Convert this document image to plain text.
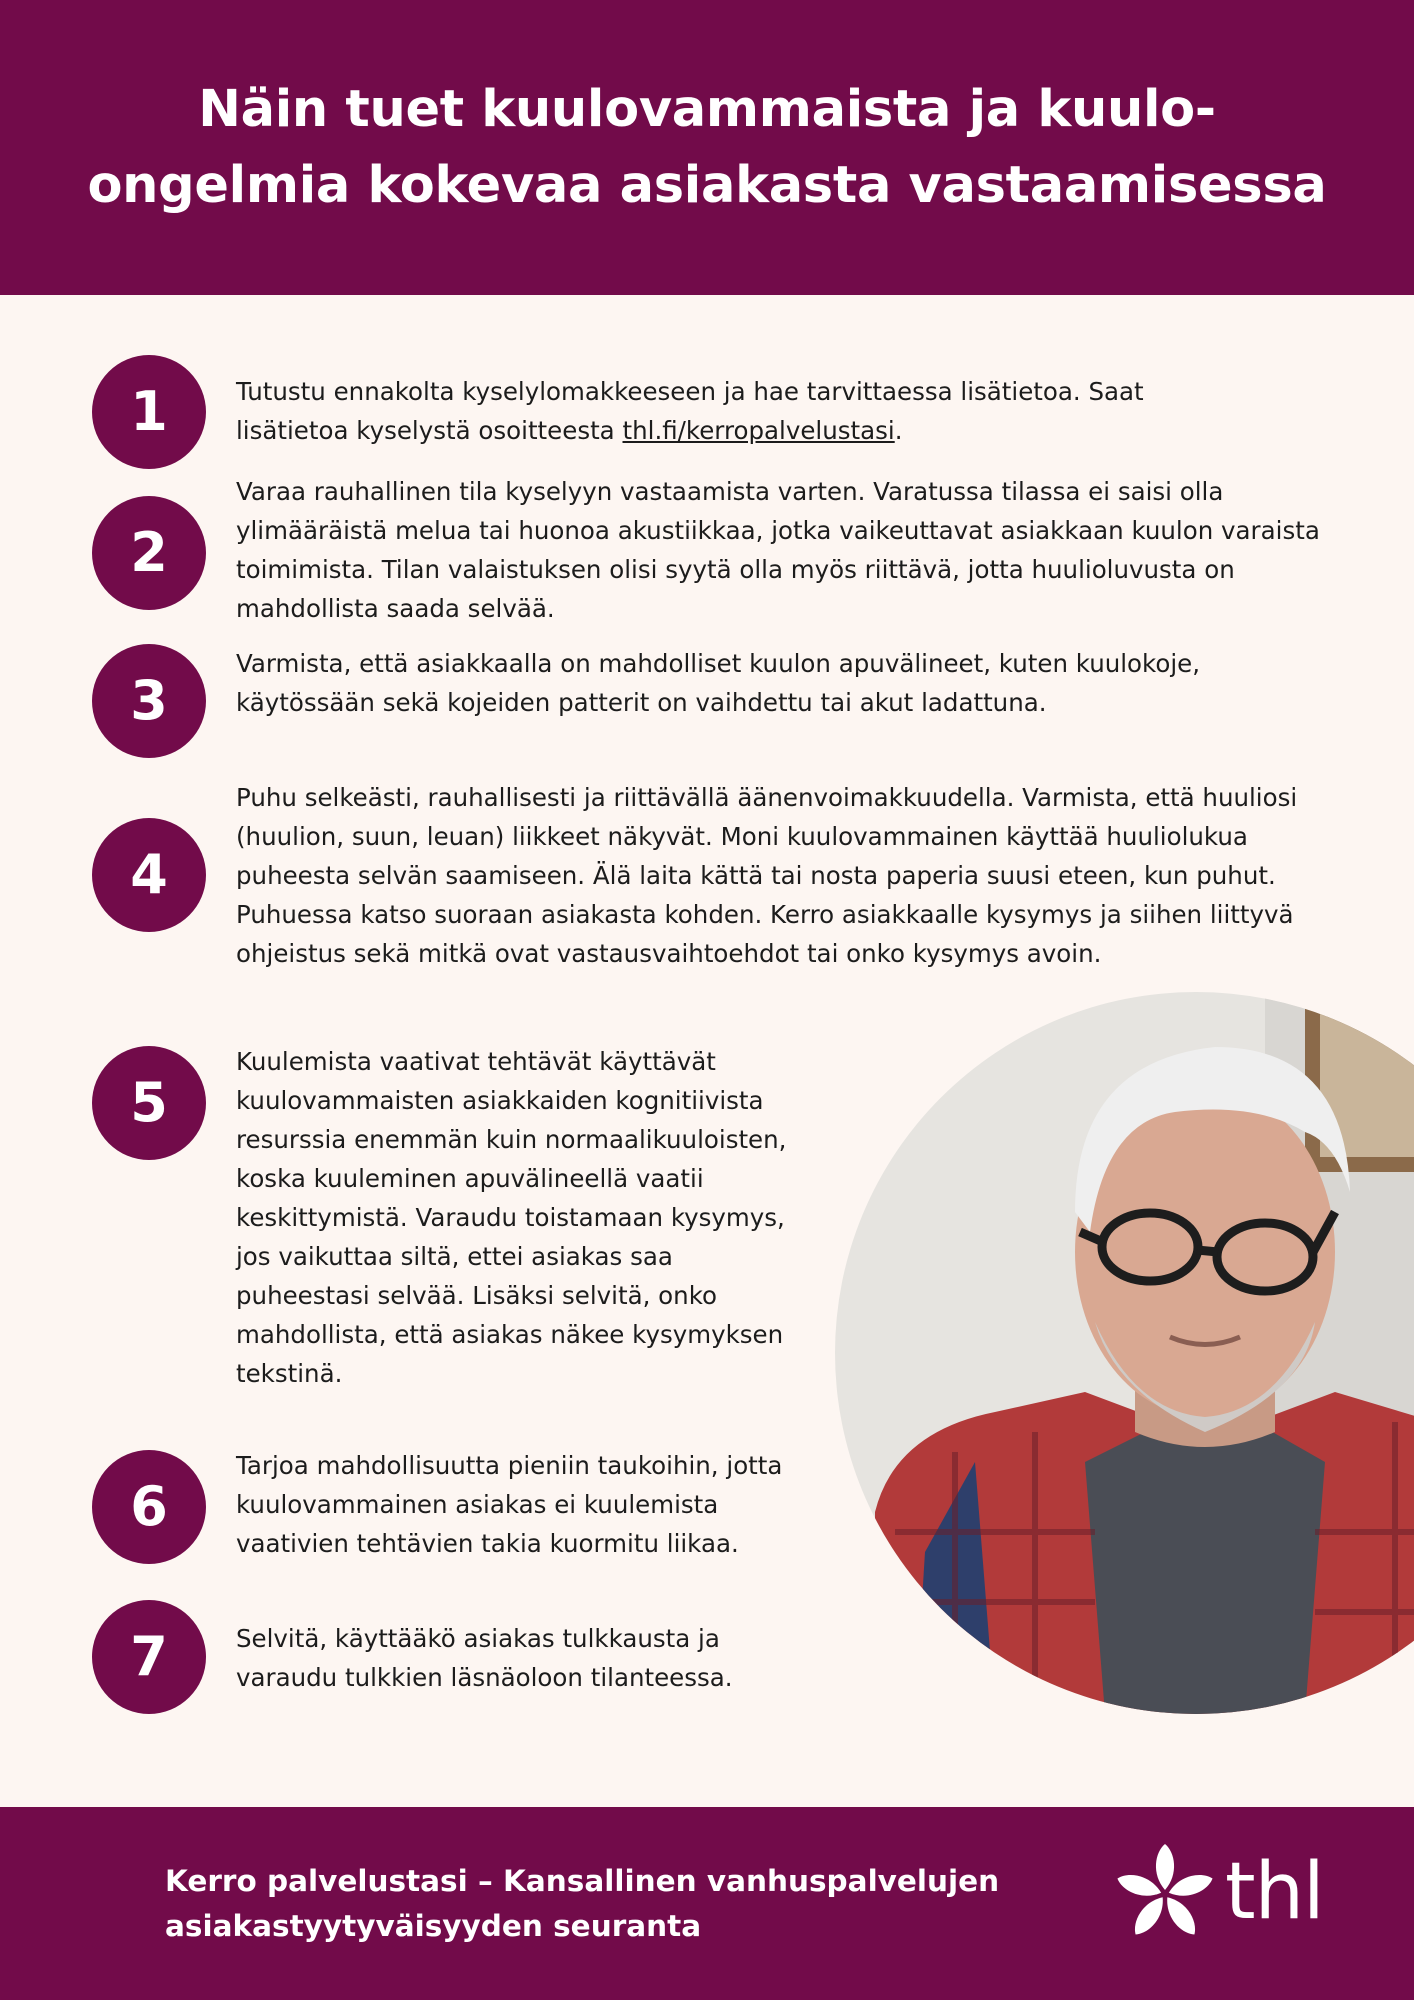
Näin tuet kuulovammaista ja kuulo-ongelmia kokevaa asiakasta vastaamisessa
1	Tutustu ennakolta kyselylomakkeeseen ja hae tarvittaessa lisätietoa. Saat lisätietoa kyselystä osoitteesta thl.fi/kerropalvelustasi.
2
Varaa rauhallinen tila kyselyyn vastaamista varten. Varatussa tilassa ei saisi olla ylimääräistä melua tai huonoa akustiikkaa, jotka vaikeuttavat asiakkaan kuulon varaista toimimista. Tilan valaistuksen olisi syytä olla myös riittävä, jotta huulioluvusta on mahdollista saada selvää.
3
Varmista, että asiakkaalla on mahdolliset kuulon apuvälineet, kuten kuulokoje, käytössään sekä kojeiden patterit on vaihdettu tai akut ladattuna.
4
Puhu selkeästi, rauhallisesti ja riittävällä äänenvoimakkuudella. Varmista, että huuliosi (huulion, suun, leuan) liikkeet näkyvät. Moni kuulovammainen käyttää huuliolukua puheesta selvän saamiseen. Älä laita kättä tai nosta paperia suusi eteen, kun puhut. Puhuessa katso suoraan asiakasta kohden. Kerro asiakkaalle kysymys ja siihen liittyvä ohjeistus sekä mitkä ovat vastausvaihtoehdot tai onko kysymys avoin.
5
Kuulemista vaativat tehtävät käyttävät kuulovammaisten asiakkaiden kognitiivista resurssia enemmän kuin normaalikuuloisten, koska kuuleminen apuvälineellä vaatii keskittymistä. Varaudu toistamaan kysymys, jos vaikuttaa siltä, ettei asiakas saa puheestasi selvää. Lisäksi selvitä, onko mahdollista, että asiakas näkee kysymyksen tekstinä.
6
Tarjoa mahdollisuutta pieniin taukoihin, jotta kuulovammainen asiakas ei kuulemista vaativien tehtävien takia kuormitu liikaa.
7	Selvitä, käyttääkö asiakas tulkkausta ja varaudu tulkkien läsnäoloon tilanteessa.
Kerro palvelustasi – Kansallinen vanhuspalvelujen asiakastyytyväisyyden seuranta	thl
